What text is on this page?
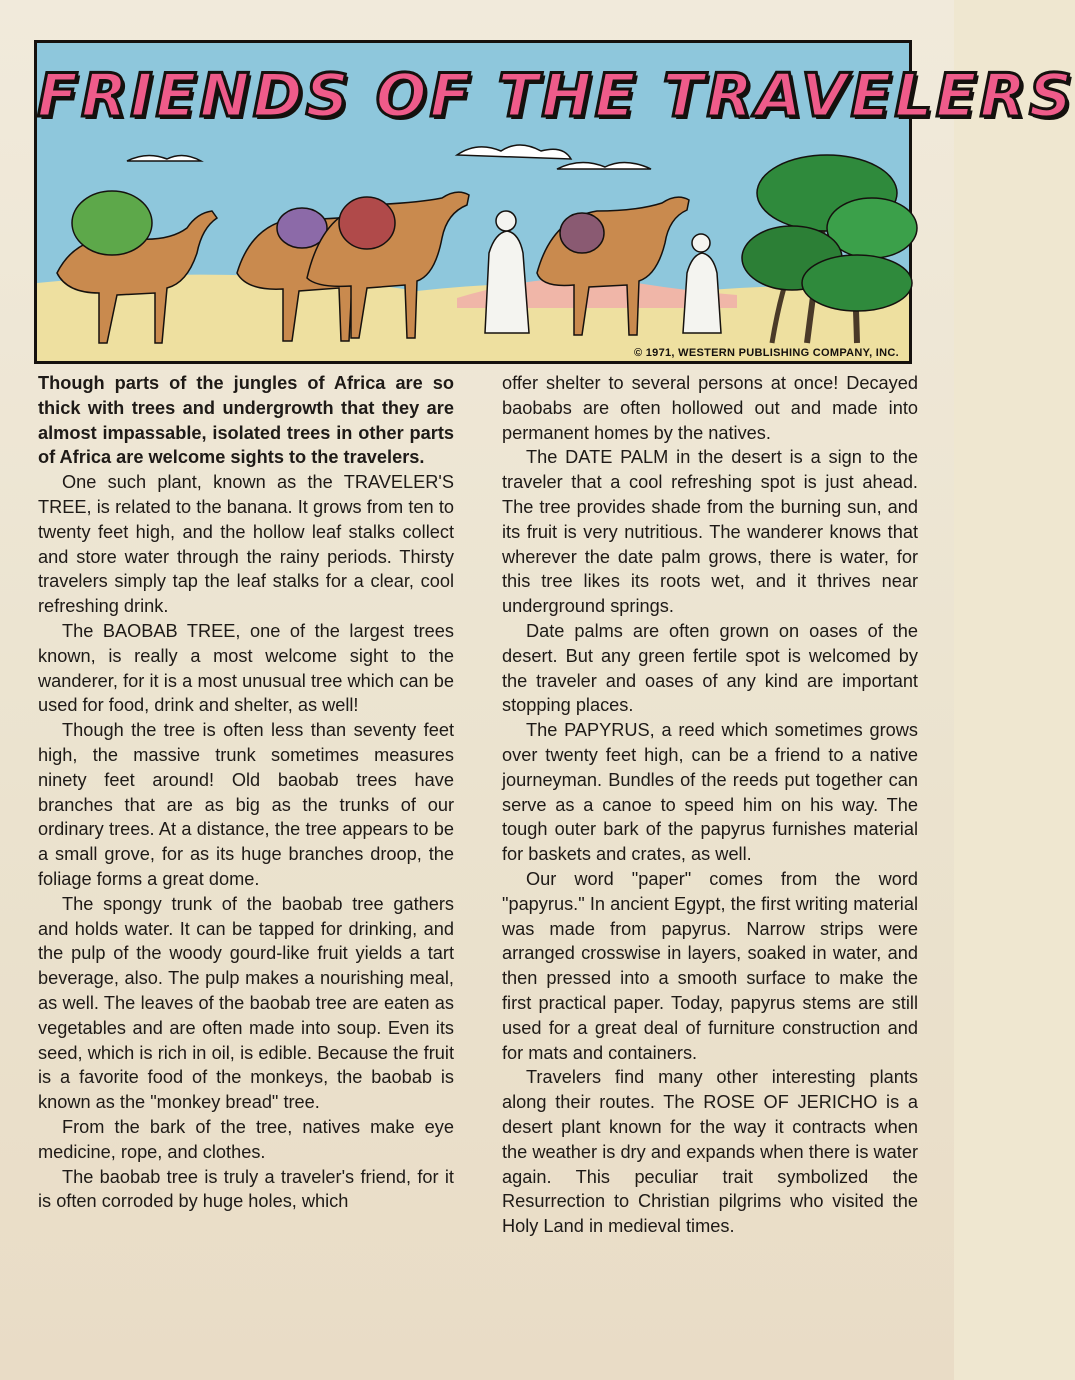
FRIENDS OF THE TRAVELERS
© 1971, WESTERN PUBLISHING COMPANY, INC.

Though parts of the jungles of Africa are so thick with trees and undergrowth that they are almost impassable, isolated trees in other parts of Africa are welcome sights to the travelers.

One such plant, known as the TRAVELER'S TREE, is related to the banana. It grows from ten to twenty feet high, and the hollow leaf stalks collect and store water through the rainy periods. Thirsty travelers simply tap the leaf stalks for a clear, cool refreshing drink.

The BAOBAB TREE, one of the largest trees known, is really a most welcome sight to the wanderer, for it is a most unusual tree which can be used for food, drink and shelter, as well!

Though the tree is often less than seventy feet high, the massive trunk sometimes measures ninety feet around! Old baobab trees have branches that are as big as the trunks of our ordinary trees. At a distance, the tree appears to be a small grove, for as its huge branches droop, the foliage forms a great dome.

The spongy trunk of the baobab tree gathers and holds water. It can be tapped for drinking, and the pulp of the woody gourd-like fruit yields a tart beverage, also. The pulp makes a nourishing meal, as well. The leaves of the baobab tree are eaten as vegetables and are often made into soup. Even its seed, which is rich in oil, is edible. Because the fruit is a favorite food of the monkeys, the baobab is known as the "monkey bread" tree.

From the bark of the tree, natives make eye medicine, rope, and clothes.

The baobab tree is truly a traveler's friend, for it is often corroded by huge holes, which

offer shelter to several persons at once! Decayed baobabs are often hollowed out and made into permanent homes by the natives.

The DATE PALM in the desert is a sign to the traveler that a cool refreshing spot is just ahead. The tree provides shade from the burning sun, and its fruit is very nutritious. The wanderer knows that wherever the date palm grows, there is water, for this tree likes its roots wet, and it thrives near underground springs.

Date palms are often grown on oases of the desert. But any green fertile spot is welcomed by the traveler and oases of any kind are important stopping places.

The PAPYRUS, a reed which sometimes grows over twenty feet high, can be a friend to a native journeyman. Bundles of the reeds put together can serve as a canoe to speed him on his way. The tough outer bark of the papyrus furnishes material for baskets and crates, as well.

Our word "paper" comes from the word "papyrus." In ancient Egypt, the first writing material was made from papyrus. Narrow strips were arranged crosswise in layers, soaked in water, and then pressed into a smooth surface to make the first practical paper. Today, papyrus stems are still used for a great deal of furniture construction and for mats and containers.

Travelers find many other interesting plants along their routes. The ROSE OF JERICHO is a desert plant known for the way it contracts when the weather is dry and expands when there is water again. This peculiar trait symbolized the Resurrection to Christian pilgrims who visited the Holy Land in medieval times.
